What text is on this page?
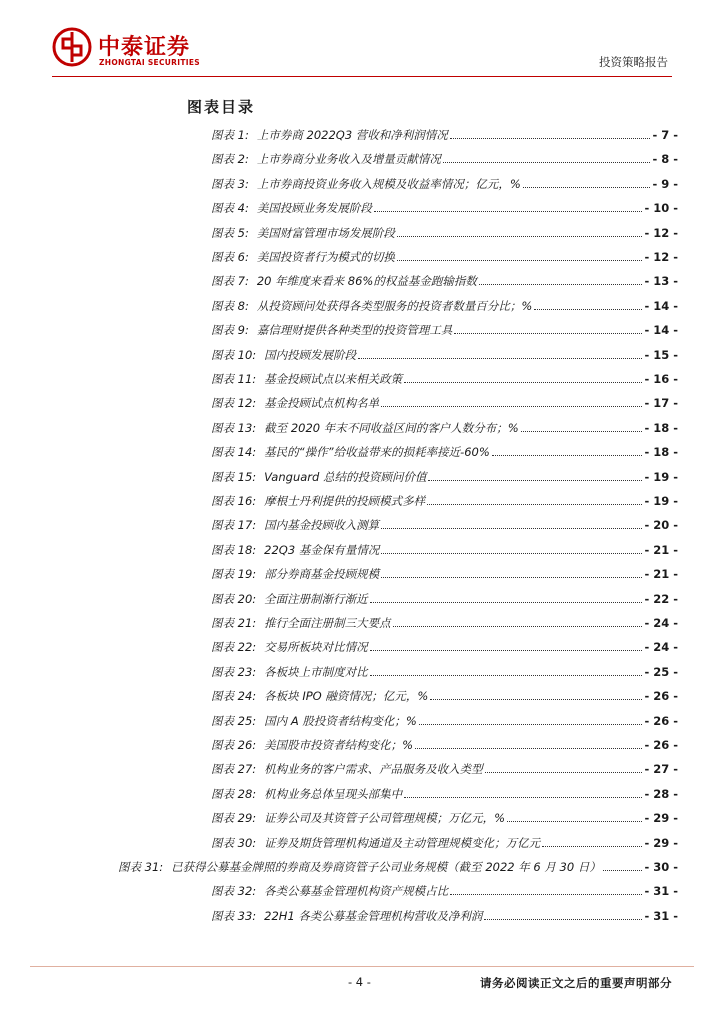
中泰证券
ZHONGTAI SECURITIES	投资策略报告
图表目录
图表 1: 上市券商 2022Q3 营收和净利润情况	- 7 -
图表 2: 上市券商分业务收入及增量贡献情况	- 8 -
图表 3: 上市券商投资业务收入规模及收益率情况；亿元，%	- 9 -
图表 4: 美国投顾业务发展阶段	- 10 -
图表 5: 美国财富管理市场发展阶段	- 12 -
图表 6: 美国投资者行为模式的切换	- 12 -
图表 7: 20 年维度来看来 86%的权益基金跑输指数	- 13 -
图表 8: 从投资顾问处获得各类型服务的投资者数量百分比；%	- 14 -
图表 9: 嘉信理财提供各种类型的投资管理工具	- 14 -
图表 10: 国内投顾发展阶段	- 15 -
图表 11: 基金投顾试点以来相关政策	- 16 -
图表 12: 基金投顾试点机构名单	- 17 -
图表 13: 截至 2020 年末不同收益区间的客户人数分布；%	- 18 -
图表 14: 基民的“操作”给收益带来的损耗率接近-60%	- 18 -
图表 15: Vanguard 总结的投资顾问价值	- 19 -
图表 16: 摩根士丹利提供的投顾模式多样	- 19 -
图表 17: 国内基金投顾收入测算	- 20 -
图表 18: 22Q3 基金保有量情况	- 21 -
图表 19: 部分券商基金投顾规模	- 21 -
图表 20: 全面注册制渐行渐近	- 22 -
图表 21: 推行全面注册制三大要点	- 24 -
图表 22: 交易所板块对比情况	- 24 -
图表 23: 各板块上市制度对比	- 25 -
图表 24: 各板块 IPO 融资情况；亿元，%	- 26 -
图表 25: 国内 A 股投资者结构变化；%	- 26 -
图表 26: 美国股市投资者结构变化；%	- 26 -
图表 27: 机构业务的客户需求、产品服务及收入类型	- 27 -
图表 28: 机构业务总体呈现头部集中	- 28 -
图表 29: 证券公司及其资管子公司管理规模；万亿元，%	- 29 -
图表 30: 证券及期货管理机构通道及主动管理规模变化；万亿元	- 29 -
图表 31: 已获得公募基金牌照的券商及券商资管子公司业务规模（截至 2022 年 6 月 30 日）	- 30 -
图表 32: 各类公募基金管理机构资产规模占比	- 31 -
图表 33: 22H1 各类公募基金管理机构营收及净利润	- 31 -
- 4 -	请务必阅读正文之后的重要声明部分
